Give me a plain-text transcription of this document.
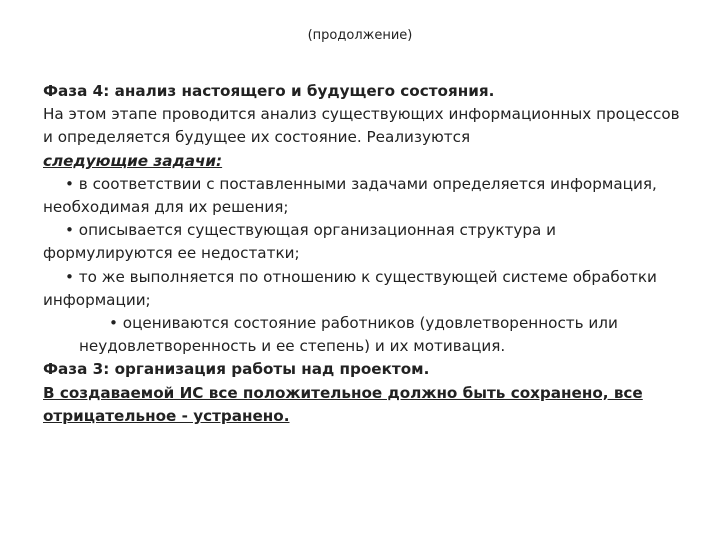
(продолжение)

Фаза 4: анализ настоящего и будущего состояния.

На этом этапе проводится анализ существующих информационных процессов и определяется будущее их состояние. Реализуются

следующие задачи:

• в соответствии с поставленными задачами определяется информация, необходимая для их решения;

• описывается существующая организационная структура и формулируются ее недостатки;

• то же выполняется по отношению к существующей системе обработки информации;

• оцениваются состояние работников (удовлетворенность или неудовлетворенность и ее степень) и их мотивация.

Фаза 3: организация работы над проектом.

В создаваемой ИС все положительное должно быть сохранено, все отрицательное - устранено.
